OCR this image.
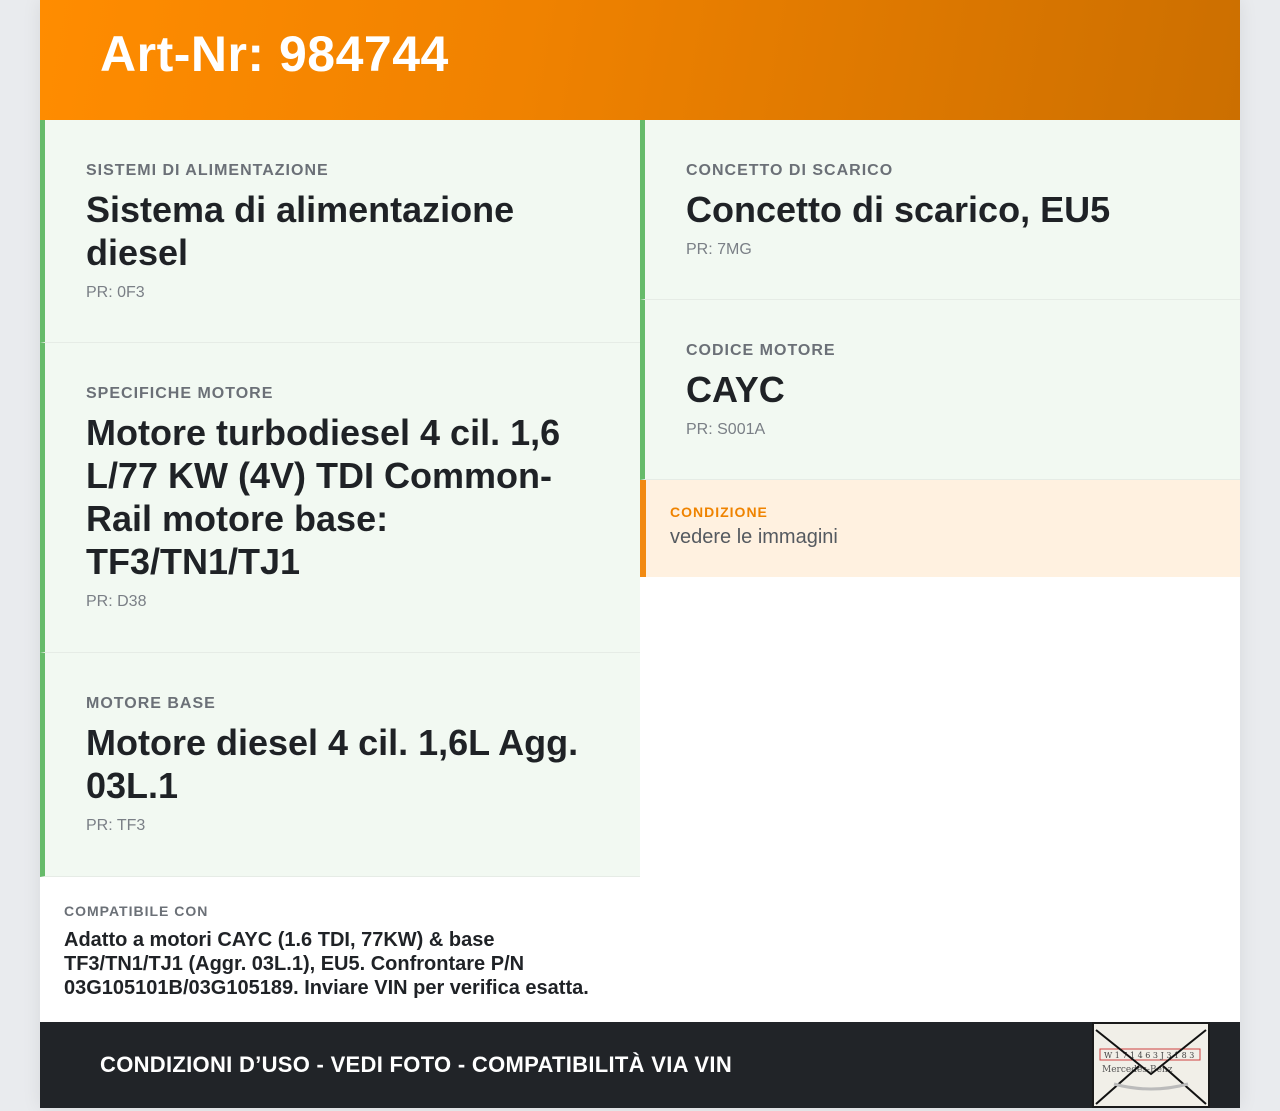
Art-Nr: 984744
SISTEMI DI ALIMENTAZIONE
Sistema di alimentazione diesel
PR: 0F3
SPECIFICHE MOTORE
Motore turbodiesel 4 cil. 1,6 L/77 KW (4V) TDI Common-Rail motore base: TF3/TN1/TJ1
PR: D38
MOTORE BASE
Motore diesel 4 cil. 1,6L Agg. 03L.1
PR: TF3
COMPATIBILE CON
Adatto a motori CAYC (1.6 TDI, 77KW) & base TF3/TN1/TJ1 (Aggr. 03L.1), EU5. Confrontare P/N 03G105101B/03G105189. Inviare VIN per verifica esatta.
CONCETTO DI SCARICO
Concetto di scarico, EU5
PR: 7MG
CODICE MOTORE
CAYC
PR: S001A
CONDIZIONE
vedere le immagini
CONDIZIONI D’USO - VEDI FOTO - COMPATIBILITÀ VIA VIN	W 1 7 1 4 6 3 J 3 1 8 3
Mercedes-Benz
